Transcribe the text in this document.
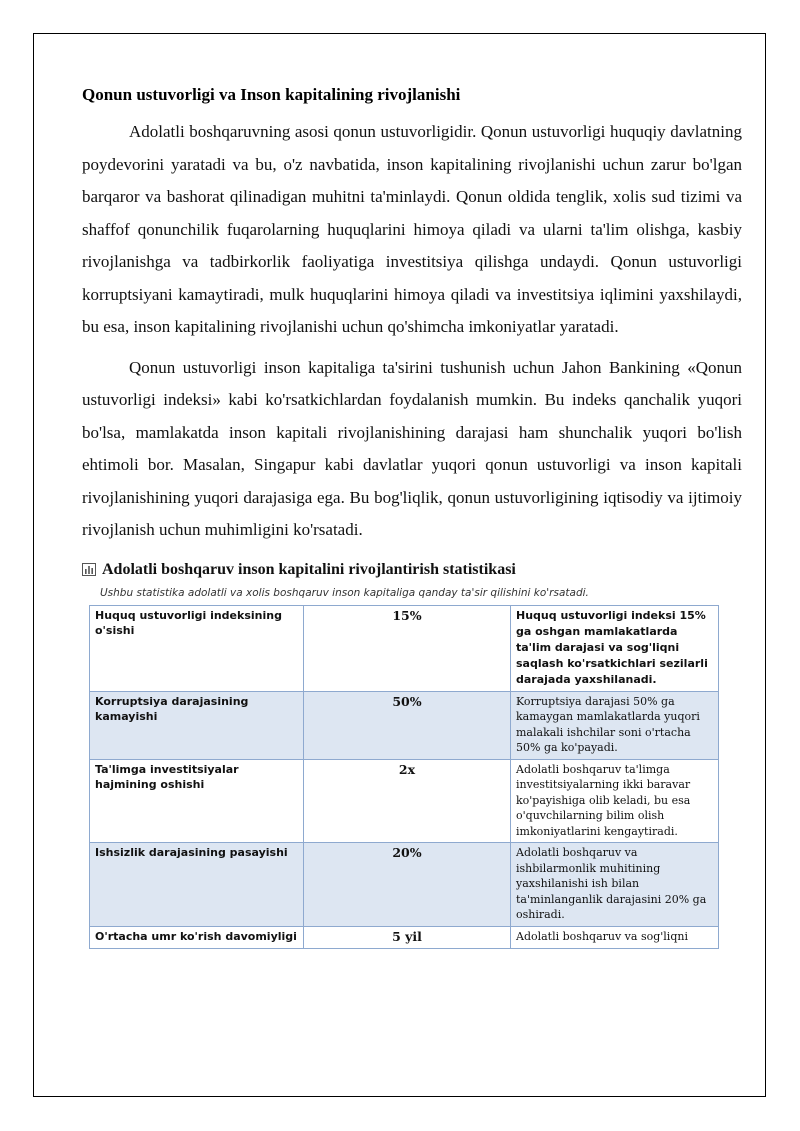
Qonun ustuvorligi va Inson kapitalining rivojlanishi

Adolatli boshqaruvning asosi qonun ustuvorligidir. Qonun ustuvorligi huquqiy davlatning poydevorini yaratadi va bu, o'z navbatida, inson kapitalining rivojlanishi uchun zarur bo'lgan barqaror va bashorat qilinadigan muhitni ta'minlaydi. Qonun oldida tenglik, xolis sud tizimi va shaffof qonunchilik fuqarolarning huquqlarini himoya qiladi va ularni ta'lim olishga, kasbiy rivojlanishga va tadbirkorlik faoliyatiga investitsiya qilishga undaydi. Qonun ustuvorligi korruptsiyani kamaytiradi, mulk huquqlarini himoya qiladi va investitsiya iqlimini yaxshilaydi, bu esa, inson kapitalining rivojlanishi uchun qo'shimcha imkoniyatlar yaratadi.

Qonun ustuvorligi inson kapitaliga ta'sirini tushunish uchun Jahon Bankining «Qonun ustuvorligi indeksi» kabi ko'rsatkichlardan foydalanish mumkin. Bu indeks qanchalik yuqori bo'lsa, mamlakatda inson kapitali rivojlanishining darajasi ham shunchalik yuqori bo'lish ehtimoli bor. Masalan, Singapur kabi davlatlar yuqori qonun ustuvorligi va inson kapitali rivojlanishining yuqori darajasiga ega. Bu bog'liqlik, qonun ustuvorligining iqtisodiy va ijtimoiy rivojlanish uchun muhimligini ko'rsatadi.

Adolatli boshqaruv inson kapitalini rivojlantirish statistikasi
Ushbu statistika adolatli va xolis boshqaruv inson kapitaliga qanday ta'sir qilishini ko'rsatadi.
Huquq ustuvorligi indeksining o'sishi	15%	Huquq ustuvorligi indeksi 15% ga oshgan mamlakatlarda ta'lim darajasi va sog'liqni saqlash ko'rsatkichlari sezilarli darajada yaxshilanadi.
Korruptsiya darajasining kamayishi	50%	Korruptsiya darajasi 50% ga kamaygan mamlakatlarda yuqori malakali ishchilar soni o'rtacha 50% ga ko'payadi.
Ta'limga investitsiyalar hajmining oshishi	2x	Adolatli boshqaruv ta'limga investitsiyalarning ikki baravar ko'payishiga olib keladi, bu esa o'quvchilarning bilim olish imkoniyatlarini kengaytiradi.
Ishsizlik darajasining pasayishi	20%	Adolatli boshqaruv va ishbilarmonlik muhitining yaxshilanishi ish bilan ta'minlanganlik darajasini 20% ga oshiradi.
O'rtacha umr ko'rish davomiyligi	5 yil	Adolatli boshqaruv va sog'liqni
